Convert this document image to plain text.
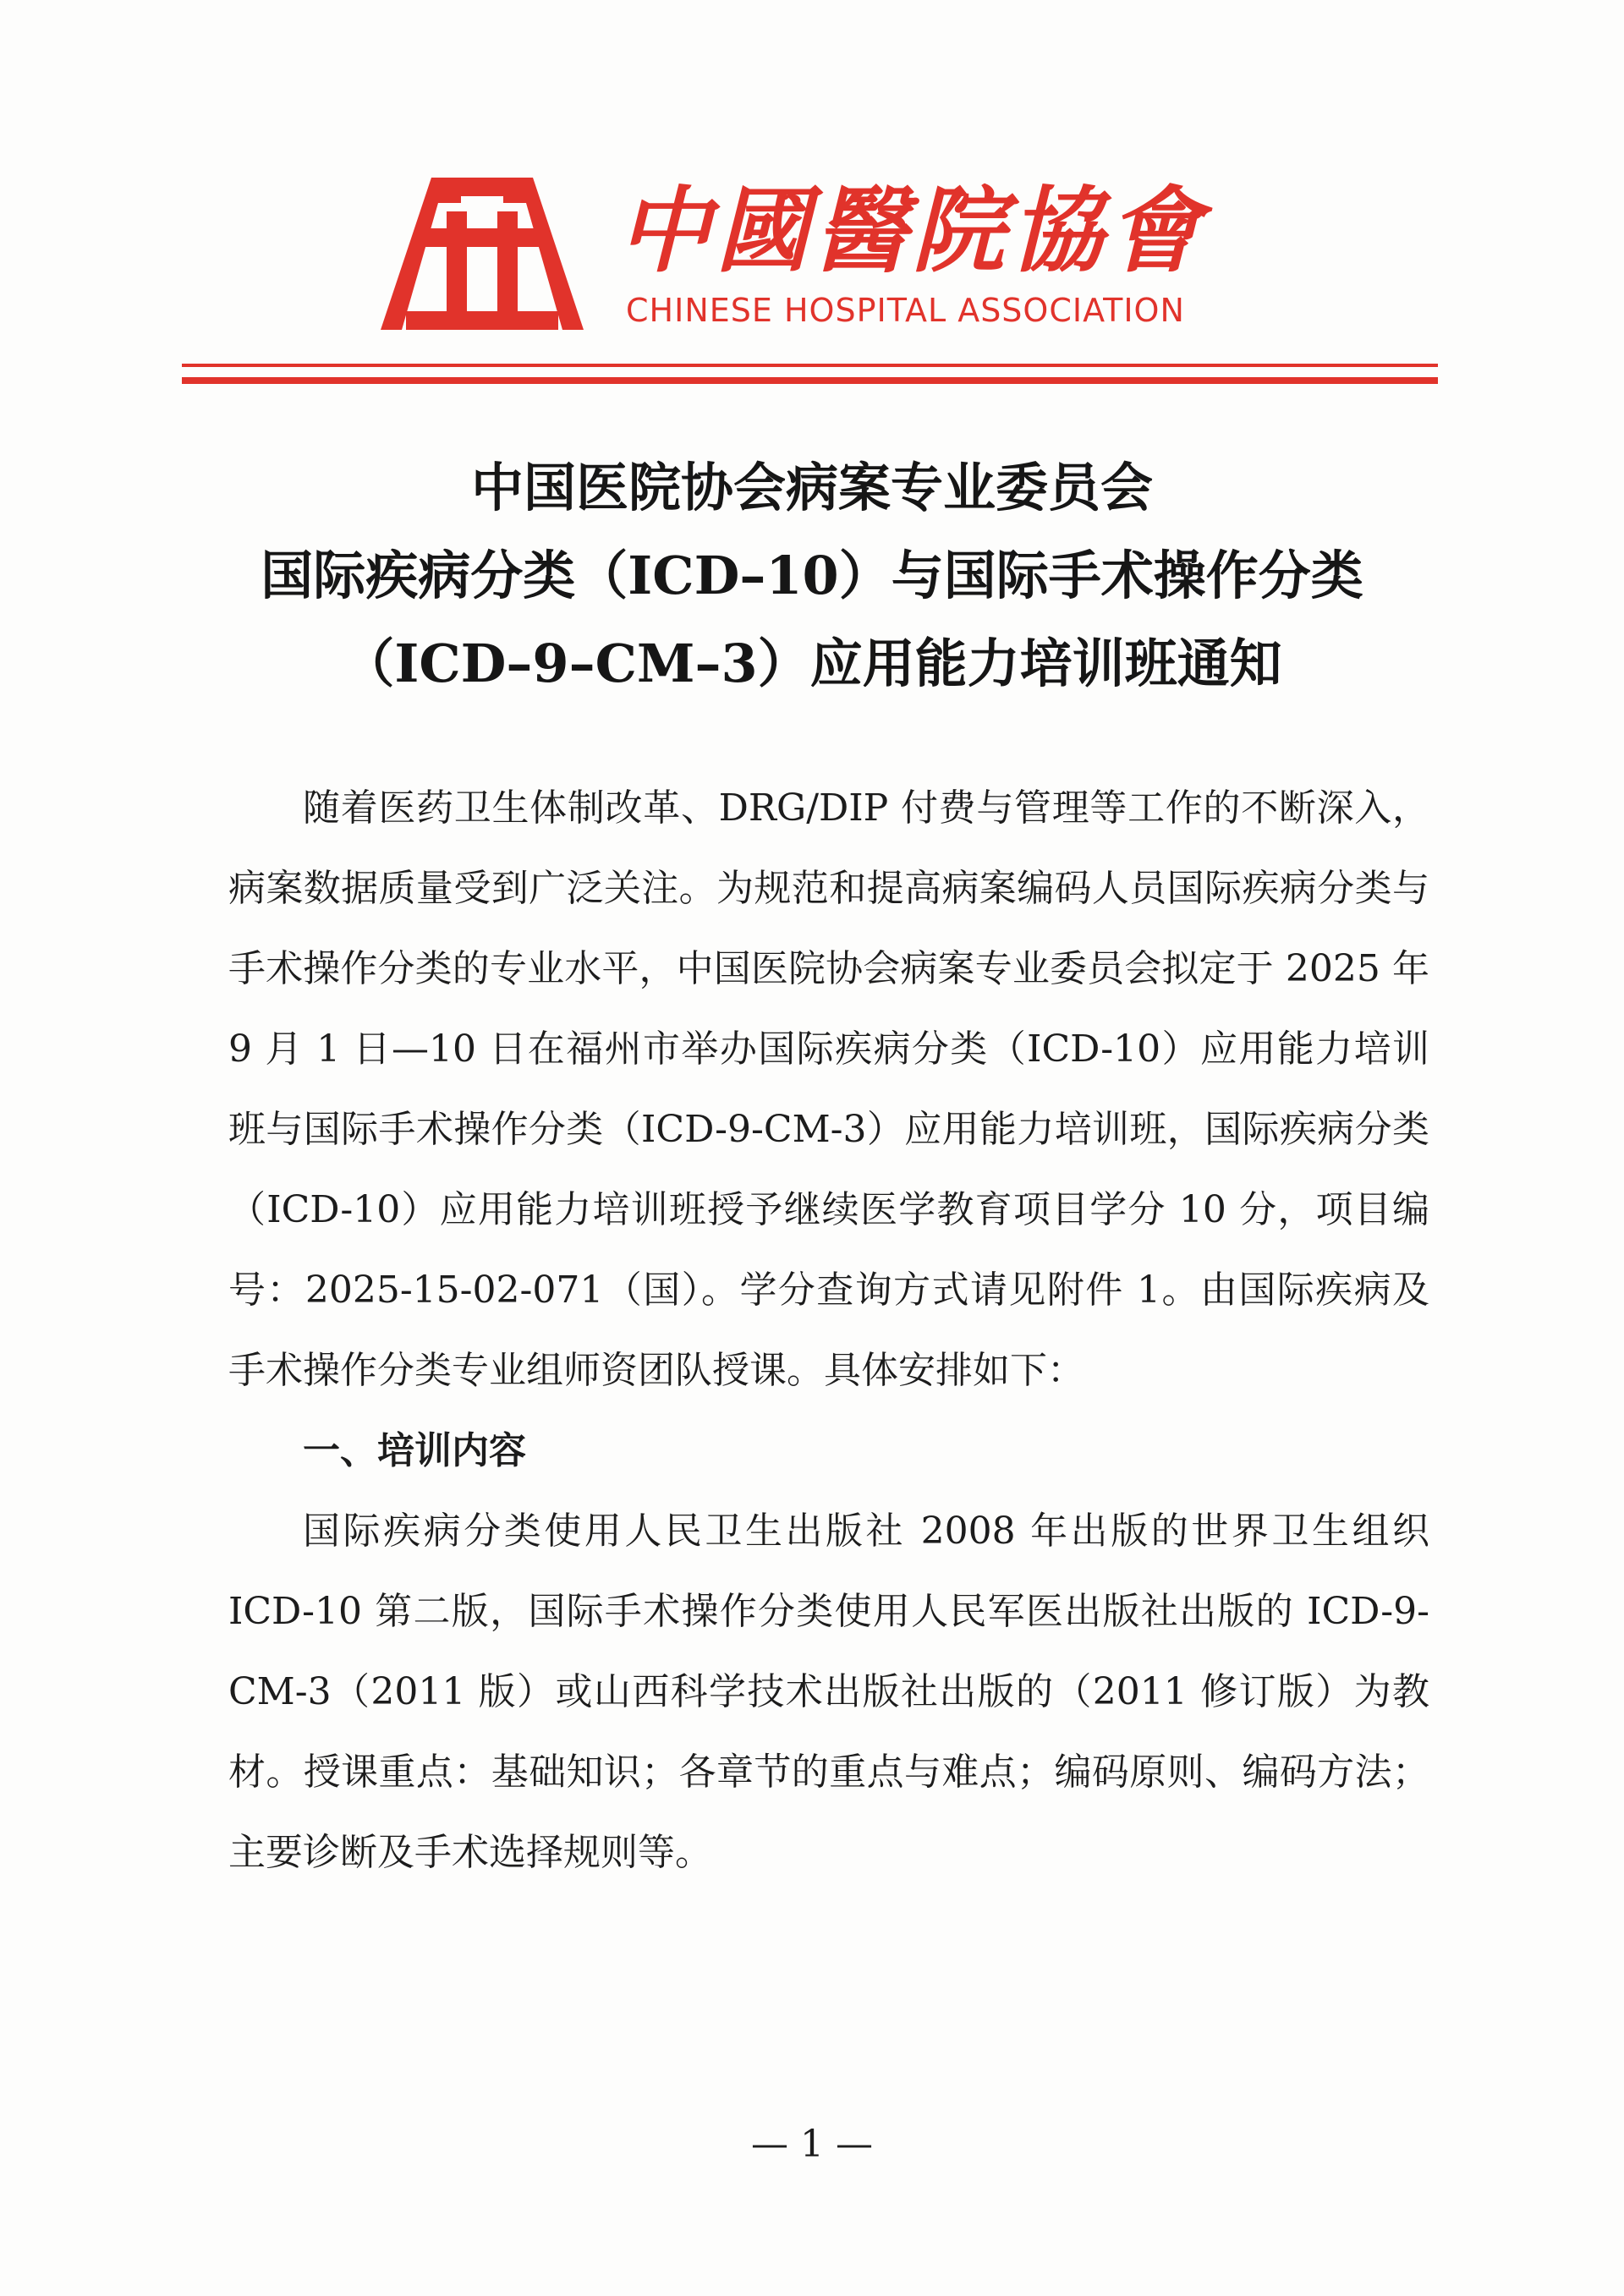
中國醫院協會
CHINESE HOSPITAL ASSOCIATION
中国医院协会病案专业委员会
国际疾病分类（ICD–10）与国际手术操作分类
（ICD–9–CM–3）应用能力培训班通知

随着医药卫生体制改革、DRG/DIP 付费与管理等工作的不断深入，病案数据质量受到广泛关注。为规范和提高病案编码人员国际疾病分类与手术操作分类的专业水平，中国医院协会病案专业委员会拟定于 2025 年 9 月 1 日—10 日在福州市举办国际疾病分类（ICD-10）应用能力培训班与国际手术操作分类（ICD-9-CM-3）应用能力培训班，国际疾病分类（ICD-10）应用能力培训班授予继续医学教育项目学分 10 分，项目编号：2025-15-02-071（国）。学分查询方式请见附件 1。由国际疾病及手术操作分类专业组师资团队授课。具体安排如下：

一、培训内容

国际疾病分类使用人民卫生出版社 2008 年出版的世界卫生组织 ICD-10 第二版，国际手术操作分类使用人民军医出版社出版的 ICD-9-CM-3（2011 版）或山西科学技术出版社出版的（2011 修订版）为教材。授课重点：基础知识；各章节的重点与难点；编码原则、编码方法；主要诊断及手术选择规则等。

— 1 —
